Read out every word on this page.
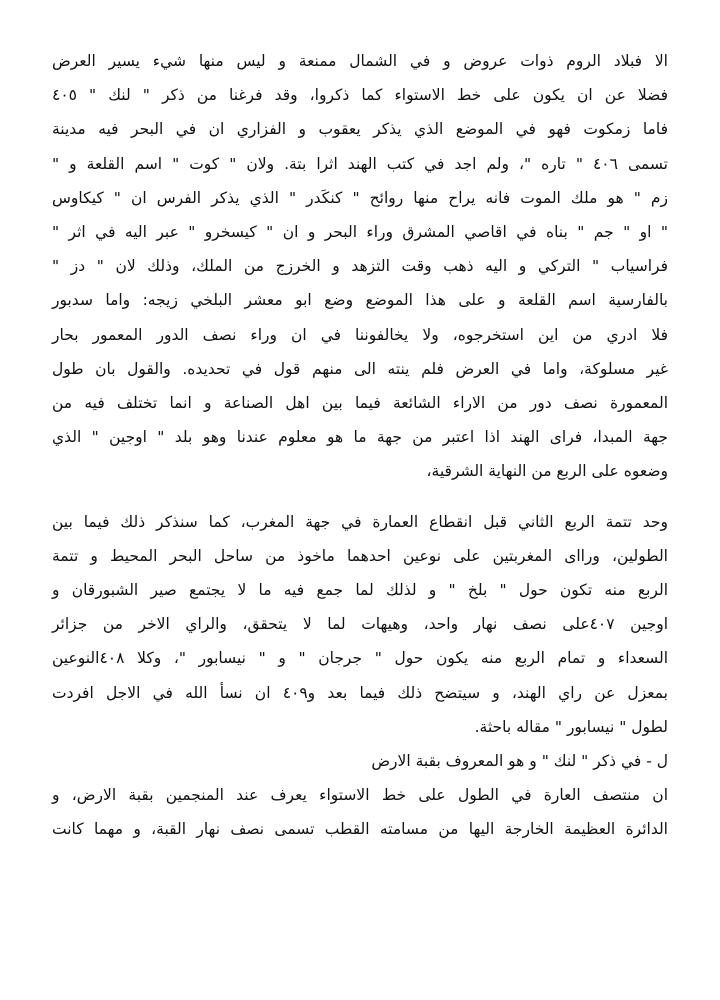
الا فبلاد الروم ذوات عروض و في الشمال ممنعة و ليس منها شيء يسير العرض
فضلا عن ان يكون على خط الاستواء كما ذكروا، وقد فرغنا من ذكر " لنك " ٤٠٥
فاما زمكوت فهو في الموضع الذي يذكر يعقوب و الفزاري ان في البحر فيه مدينة
تسمى ٤٠٦ " تاره "، ولم اجد في كتب الهند اثرا بتة. ولان " كوت " اسم القلعة و "
زم " هو ملك الموت فانه يراح منها روائح " كنكَدر " الذي يذكر الفرس ان " كيكاوس
" او " جم " بناه في اقاصي المشرق وراء البحر و ان " كيسخرو " عبر اليه في اثر "
فراسياب " التركي و اليه ذهب وقت التزهد و الخرزج من الملك، وذلك لان " دز "
بالفارسية اسم القلعة و على هذا الموضع وضع ابو معشر البلخي زيجه: واما سدبور
فلا ادري من اين استخرجوه، ولا يخالفوننا في ان وراء نصف الدور المعمور بحار
غير مسلوكة، واما في العرض فلم ينته الى منهم قول في تحديده. والقول بان طول
المعمورة نصف دور من الاراء الشائعة فيما بين اهل الصناعة و انما تختلف فيه من
جهة المبدا، فراى الهند اذا اعتبر من جهة ما هو معلوم عندنا وهو بلد " اوجين " الذي
وضعوه على الربع من النهاية الشرقية،
وحد تتمة الربع الثاني قبل انقطاع العمارة في جهة المغرب، كما سنذكر ذلك فيما بين
الطولين، ورااى المغربتين على نوعين احدهما ماخوذ من ساحل البحر المحيط و تتمة
الربع منه تكون حول " بلخ " و لذلك لما جمع فيه ما لا يجتمع صير الشبورقان و
اوجين ٤٠٧على نصف نهار واحد، وهيهات لما لا يتحقق، والراي الاخر من جزائر
السعداء و تمام الربع منه يكون حول " جرجان " و " نيسابور "، وكلا ٤٠٨النوعين
بمعزل عن راي الهند، و سيتضح ذلك فيما بعد و٤٠٩ ان نسأ الله في الاجل افردت
لطول " نيسابور " مقاله باحثة.
ل - في ذكر " لنك " و هو المعروف بقبة الارض
ان منتصف العارة في الطول على خط الاستواء يعرف عند المنجمين بقبة الارض، و
الدائرة العظيمة الخارجة اليها من مسامته القطب تسمى نصف نهار القبة، و مهما كانت
